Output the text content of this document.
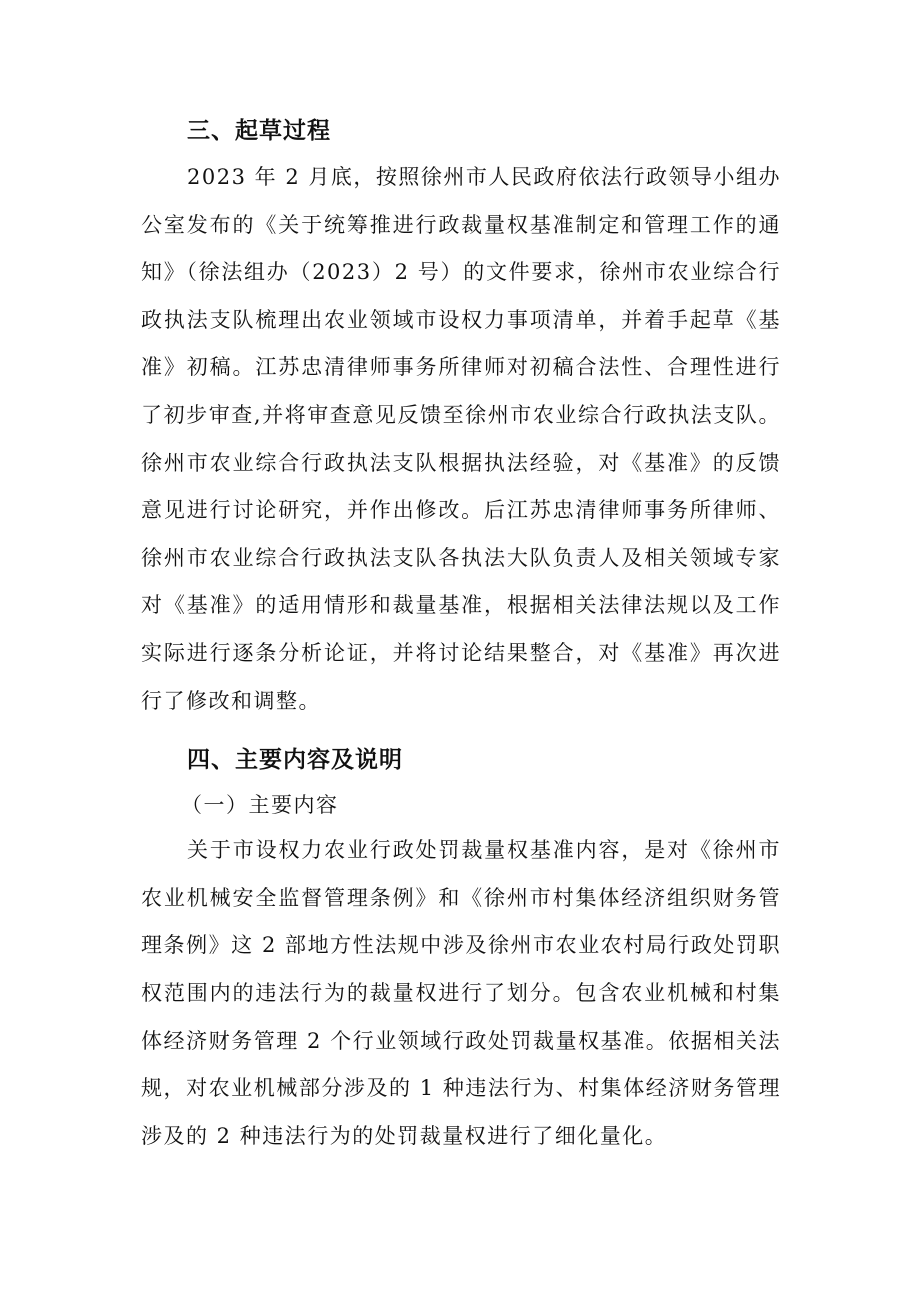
三、起草过程

2023 年 2 月底，按照徐州市人民政府依法行政领导小组办公室发布的《关于统筹推进行政裁量权基准制定和管理工作的通知》（徐法组办（2023）2 号）的文件要求，徐州市农业综合行政执法支队梳理出农业领域市设权力事项清单，并着手起草《基准》初稿。江苏忠清律师事务所律师对初稿合法性、合理性进行了初步审查,并将审查意见反馈至徐州市农业综合行政执法支队。徐州市农业综合行政执法支队根据执法经验，对《基准》的反馈意见进行讨论研究，并作出修改。后江苏忠清律师事务所律师、徐州市农业综合行政执法支队各执法大队负责人及相关领域专家对《基准》的适用情形和裁量基准，根据相关法律法规以及工作实际进行逐条分析论证，并将讨论结果整合，对《基准》再次进行了修改和调整。

四、主要内容及说明

（一）主要内容

关于市设权力农业行政处罚裁量权基准内容，是对《徐州市农业机械安全监督管理条例》和《徐州市村集体经济组织财务管理条例》这 2 部地方性法规中涉及徐州市农业农村局行政处罚职权范围内的违法行为的裁量权进行了划分。包含农业机械和村集体经济财务管理 2 个行业领域行政处罚裁量权基准。依据相关法规，对农业机械部分涉及的 1 种违法行为、村集体经济财务管理涉及的 2 种违法行为的处罚裁量权进行了细化量化。
